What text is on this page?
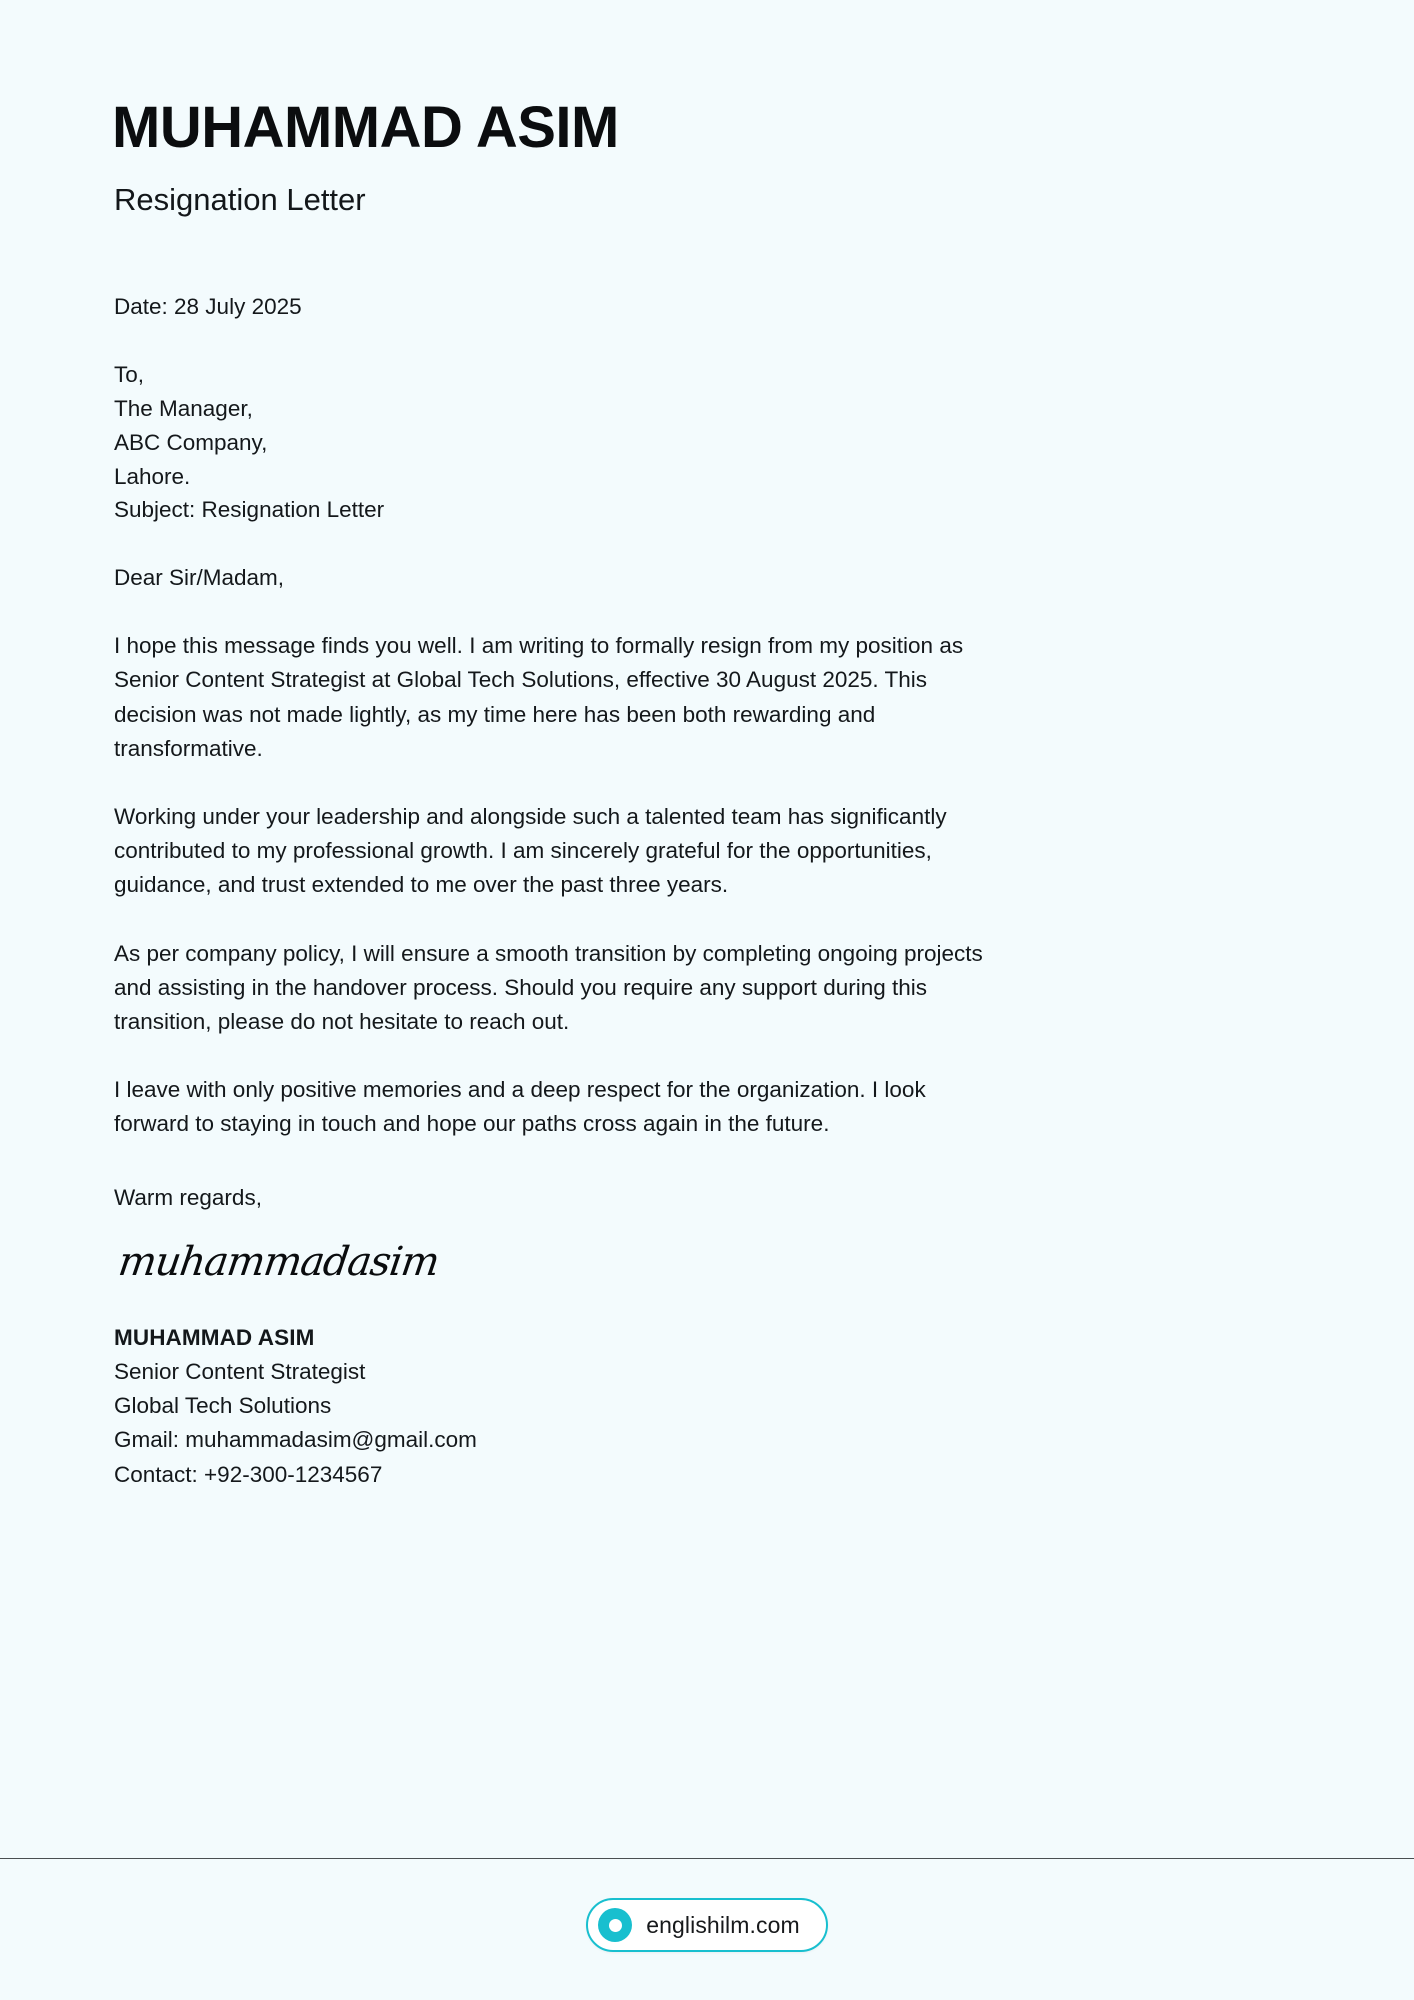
MUHAMMAD ASIM
Resignation Letter
Date: 28 July 2025
To,
The Manager,
ABC Company,
Lahore.
Subject: Resignation Letter
Dear Sir/Madam,

I hope this message finds you well. I am writing to formally resign from my position as Senior Content Strategist at Global Tech Solutions, effective 30 August 2025. This decision was not made lightly, as my time here has been both rewarding and transformative.

Working under your leadership and alongside such a talented team has significantly contributed to my professional growth. I am sincerely grateful for the opportunities, guidance, and trust extended to me over the past three years.

As per company policy, I will ensure a smooth transition by completing ongoing projects and assisting in the handover process. Should you require any support during this transition, please do not hesitate to reach out.

I leave with only positive memories and a deep respect for the organization. I look forward to staying in touch and hope our paths cross again in the future.

Warm regards,
muhammadasim
MUHAMMAD ASIM
Senior Content Strategist
Global Tech Solutions
Gmail: muhammadasim@gmail.com
Contact: +92-300-1234567
englishilm.com
